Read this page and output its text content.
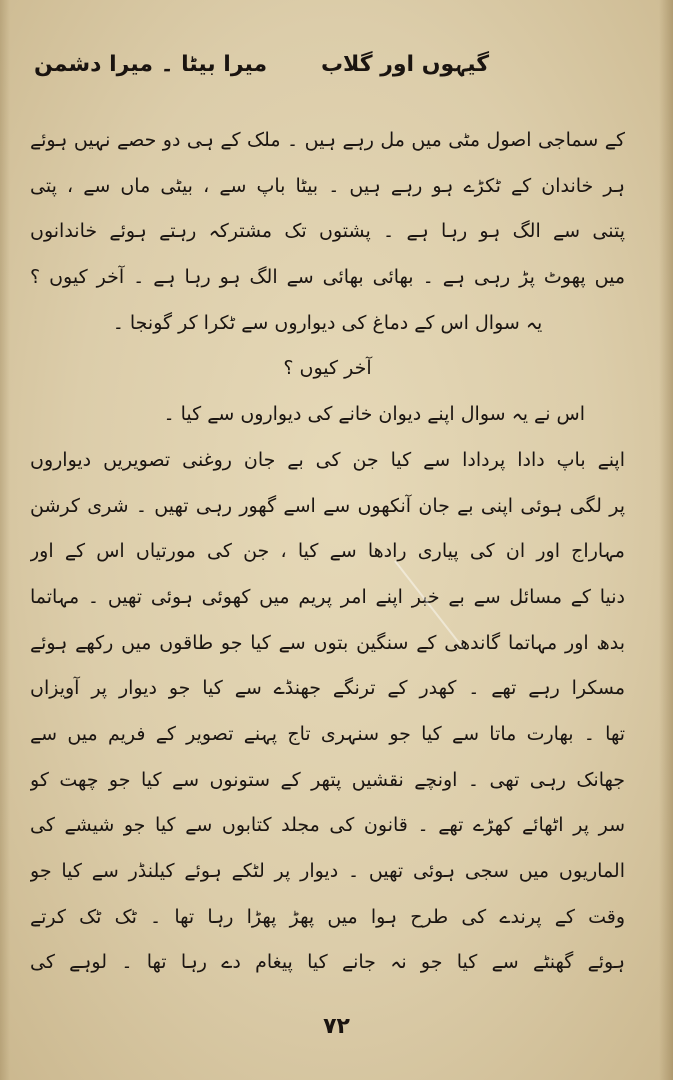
گیہوں اور گلاب
میرا بیٹا ۔ میرا دشمن
کے سماجی اصول مٹی میں مل رہے ہیں ۔ ملک کے ہی دو حصے نہیں ہوئے
ہر خاندان کے ٹکڑے ہو رہے ہیں ۔ بیٹا باپ سے ، بیٹی ماں سے ، پتی
پتنی سے الگ ہو رہا ہے ۔ پشتوں تک مشترکہ رہتے ہوئے خاندانوں
میں پھوٹ پڑ رہی ہے ۔ بھائی بھائی سے الگ ہو رہا ہے ۔ آخر کیوں ؟
یہ سوال اس کے دماغ کی دیواروں سے ٹکرا کر گونجا ۔
آخر کیوں ؟
اس نے یہ سوال اپنے دیوان خانے کی دیواروں سے کیا ۔
اپنے باپ دادا پردادا سے کیا جن کی بے جان روغنی تصویریں دیواروں
پر لگی ہوئی اپنی بے جان آنکھوں سے اسے گھور رہی تھیں ۔ شری کرشن
مہاراج اور ان کی پیاری رادھا سے کیا ، جن کی مورتیاں اس کے اور
دنیا کے مسائل سے بے خبر اپنے امر پریم میں کھوئی ہوئی تھیں ۔ مہاتما
بدھ اور مہاتما گاندھی کے سنگین بتوں سے کیا جو طاقوں میں رکھے ہوئے
مسکرا رہے تھے ۔ کھدر کے ترنگے جھنڈے سے کیا جو دیوار پر آویزاں
تھا ۔ بھارت ماتا سے کیا جو سنہری تاج پہنے تصویر کے فریم میں سے
جھانک رہی تھی ۔ اونچے نقشیں پتھر کے ستونوں سے کیا جو چھت کو
سر پر اٹھائے کھڑے تھے ۔ قانون کی مجلد کتابوں سے کیا جو شیشے کی
الماریوں میں سجی ہوئی تھیں ۔ دیوار پر لٹکے ہوئے کیلنڈر سے کیا جو
وقت کے پرندے کی طرح ہوا میں پھڑ پھڑا رہا تھا ۔ ٹک ٹک کرتے
ہوئے گھنٹے سے کیا جو نہ جانے کیا پیغام دے رہا تھا ۔ لوہے کی
۷۲
